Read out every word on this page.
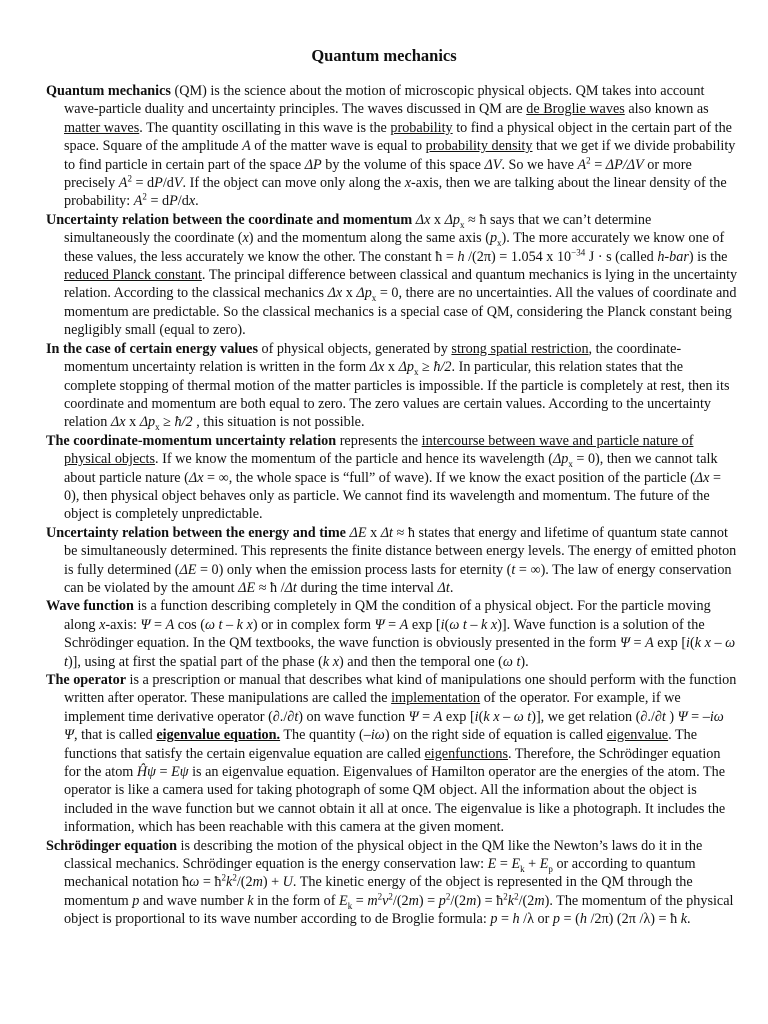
Quantum mechanics

Quantum mechanics (QM) is the science about the motion of microscopic physical objects. QM takes into account wave-particle duality and uncertainty principles. The waves discussed in QM are de Broglie waves also known as matter waves. The quantity oscillating in this wave is the probability to find a physical object in the certain part of the space. Square of the amplitude A of the matter wave is equal to probability density that we get if we divide probability to find particle in certain part of the space ΔP by the volume of this space ΔV. So we have $A^2 = \Delta P/\Delta V$ or more precisely $A^2 = dP/dV$. If the object can move only along the x-axis, then we are talking about the linear density of the probability: $A^2 = dP/dx$.

Uncertainty relation between the coordinate and momentum Δx x $\Delta p_x$ ≈ ħ says that we can’t determine simultaneously the coordinate (x) and the momentum along the same axis $(p_x)$. The more accurately we know one of these values, the less accurately we know the other. The constant ħ = h /(2π) = 1.054 x $10^{-34}$ J · s (called h-bar) is the reduced Planck constant. The principal difference between classical and quantum mechanics is lying in the uncertainty relation. According to the classical mechanics Δx x $\Delta p_x = 0$, there are no uncertainties. All the values of coordinate and momentum are predictable. So the classical mechanics is a special case of QM, considering the Planck constant being negligibly small (equal to zero).

In the case of certain energy values of physical objects, generated by strong spatial restriction, the coordinate-momentum uncertainty relation is written in the form Δx x $\Delta p_x$ ≥ ħ/2. In particular, this relation states that the complete stopping of thermal motion of the matter particles is impossible. If the particle is completely at rest, then its coordinate and momentum are both equal to zero. The zero values are certain values. According to the uncertainty relation Δx x $\Delta p_x$ ≥ ħ/2 , this situation is not possible.

The coordinate-momentum uncertainty relation represents the intercourse between wave and particle nature of physical objects. If we know the momentum of the particle and hence its wavelength $(\Delta p_x = 0)$, then we cannot talk about particle nature (Δx = ∞, the whole space is “full” of wave). If we know the exact position of the particle (Δx = 0), then physical object behaves only as particle. We cannot find its wavelength and momentum. The future of the object is completely unpredictable.

Uncertainty relation between the energy and time ΔE x Δt ≈ ħ states that energy and lifetime of quantum state cannot be simultaneously determined. This represents the finite distance between energy levels. The energy of emitted photon is fully determined (ΔE = 0) only when the emission process lasts for eternity (t = ∞). The law of energy conservation can be violated by the amount ΔE ≈ ħ /Δt during the time interval Δt.

Wave function is a function describing completely in QM the condition of a physical object. For the particle moving along x-axis: Ψ = A cos (ω t – k x) or in complex form Ψ = A exp [i(ω t – k x)]. Wave function is a solution of the Schrödinger equation. In the QM textbooks, the wave function is obviously presented in the form Ψ = A exp [i(k x – ω t)], using at first the spatial part of the phase (k x) and then the temporal one (ω t).

The operator is a prescription or manual that describes what kind of manipulations one should perform with the function written after operator. These manipulations are called the implementation of the operator. For example, if we implement time derivative operator (∂./∂t) on wave function Ψ = A exp [i(k x – ω t)], we get relation (∂./∂t ) Ψ = –iω Ψ, that is called eigenvalue equation. The quantity (–iω) on the right side of equation is called eigenvalue. The functions that satisfy the certain eigenvalue equation are called eigenfunctions. Therefore, the Schrödinger equation for the atom Ĥψ = Eψ is an eigenvalue equation. Eigenvalues of Hamilton operator are the energies of the atom. The operator is like a camera used for taking photograph of some QM object. All the information about the object is included in the wave function but we cannot obtain it all at once. The eigenvalue is like a photograph. It includes the information, which has been reachable with this camera at the given moment.

Schrödinger equation is describing the motion of the physical object in the QM like the Newton’s laws do it in the classical mechanics. Schrödinger equation is the energy conservation law: $E = E_k + E_p$ or according to quantum mechanical notation ħω = $ħ^2k^2/(2m) + U$. The kinetic energy of the object is represented in the QM through the momentum p and wave number k in the form of $E_k = m^2v^2/(2m) = p^2/(2m)$ = $ħ^2k^2/(2m)$. The momentum of the physical object is proportional to its wave number according to de Broglie formula: p = h /λ or p = (h /2π) (2π /λ) = ħ k.
